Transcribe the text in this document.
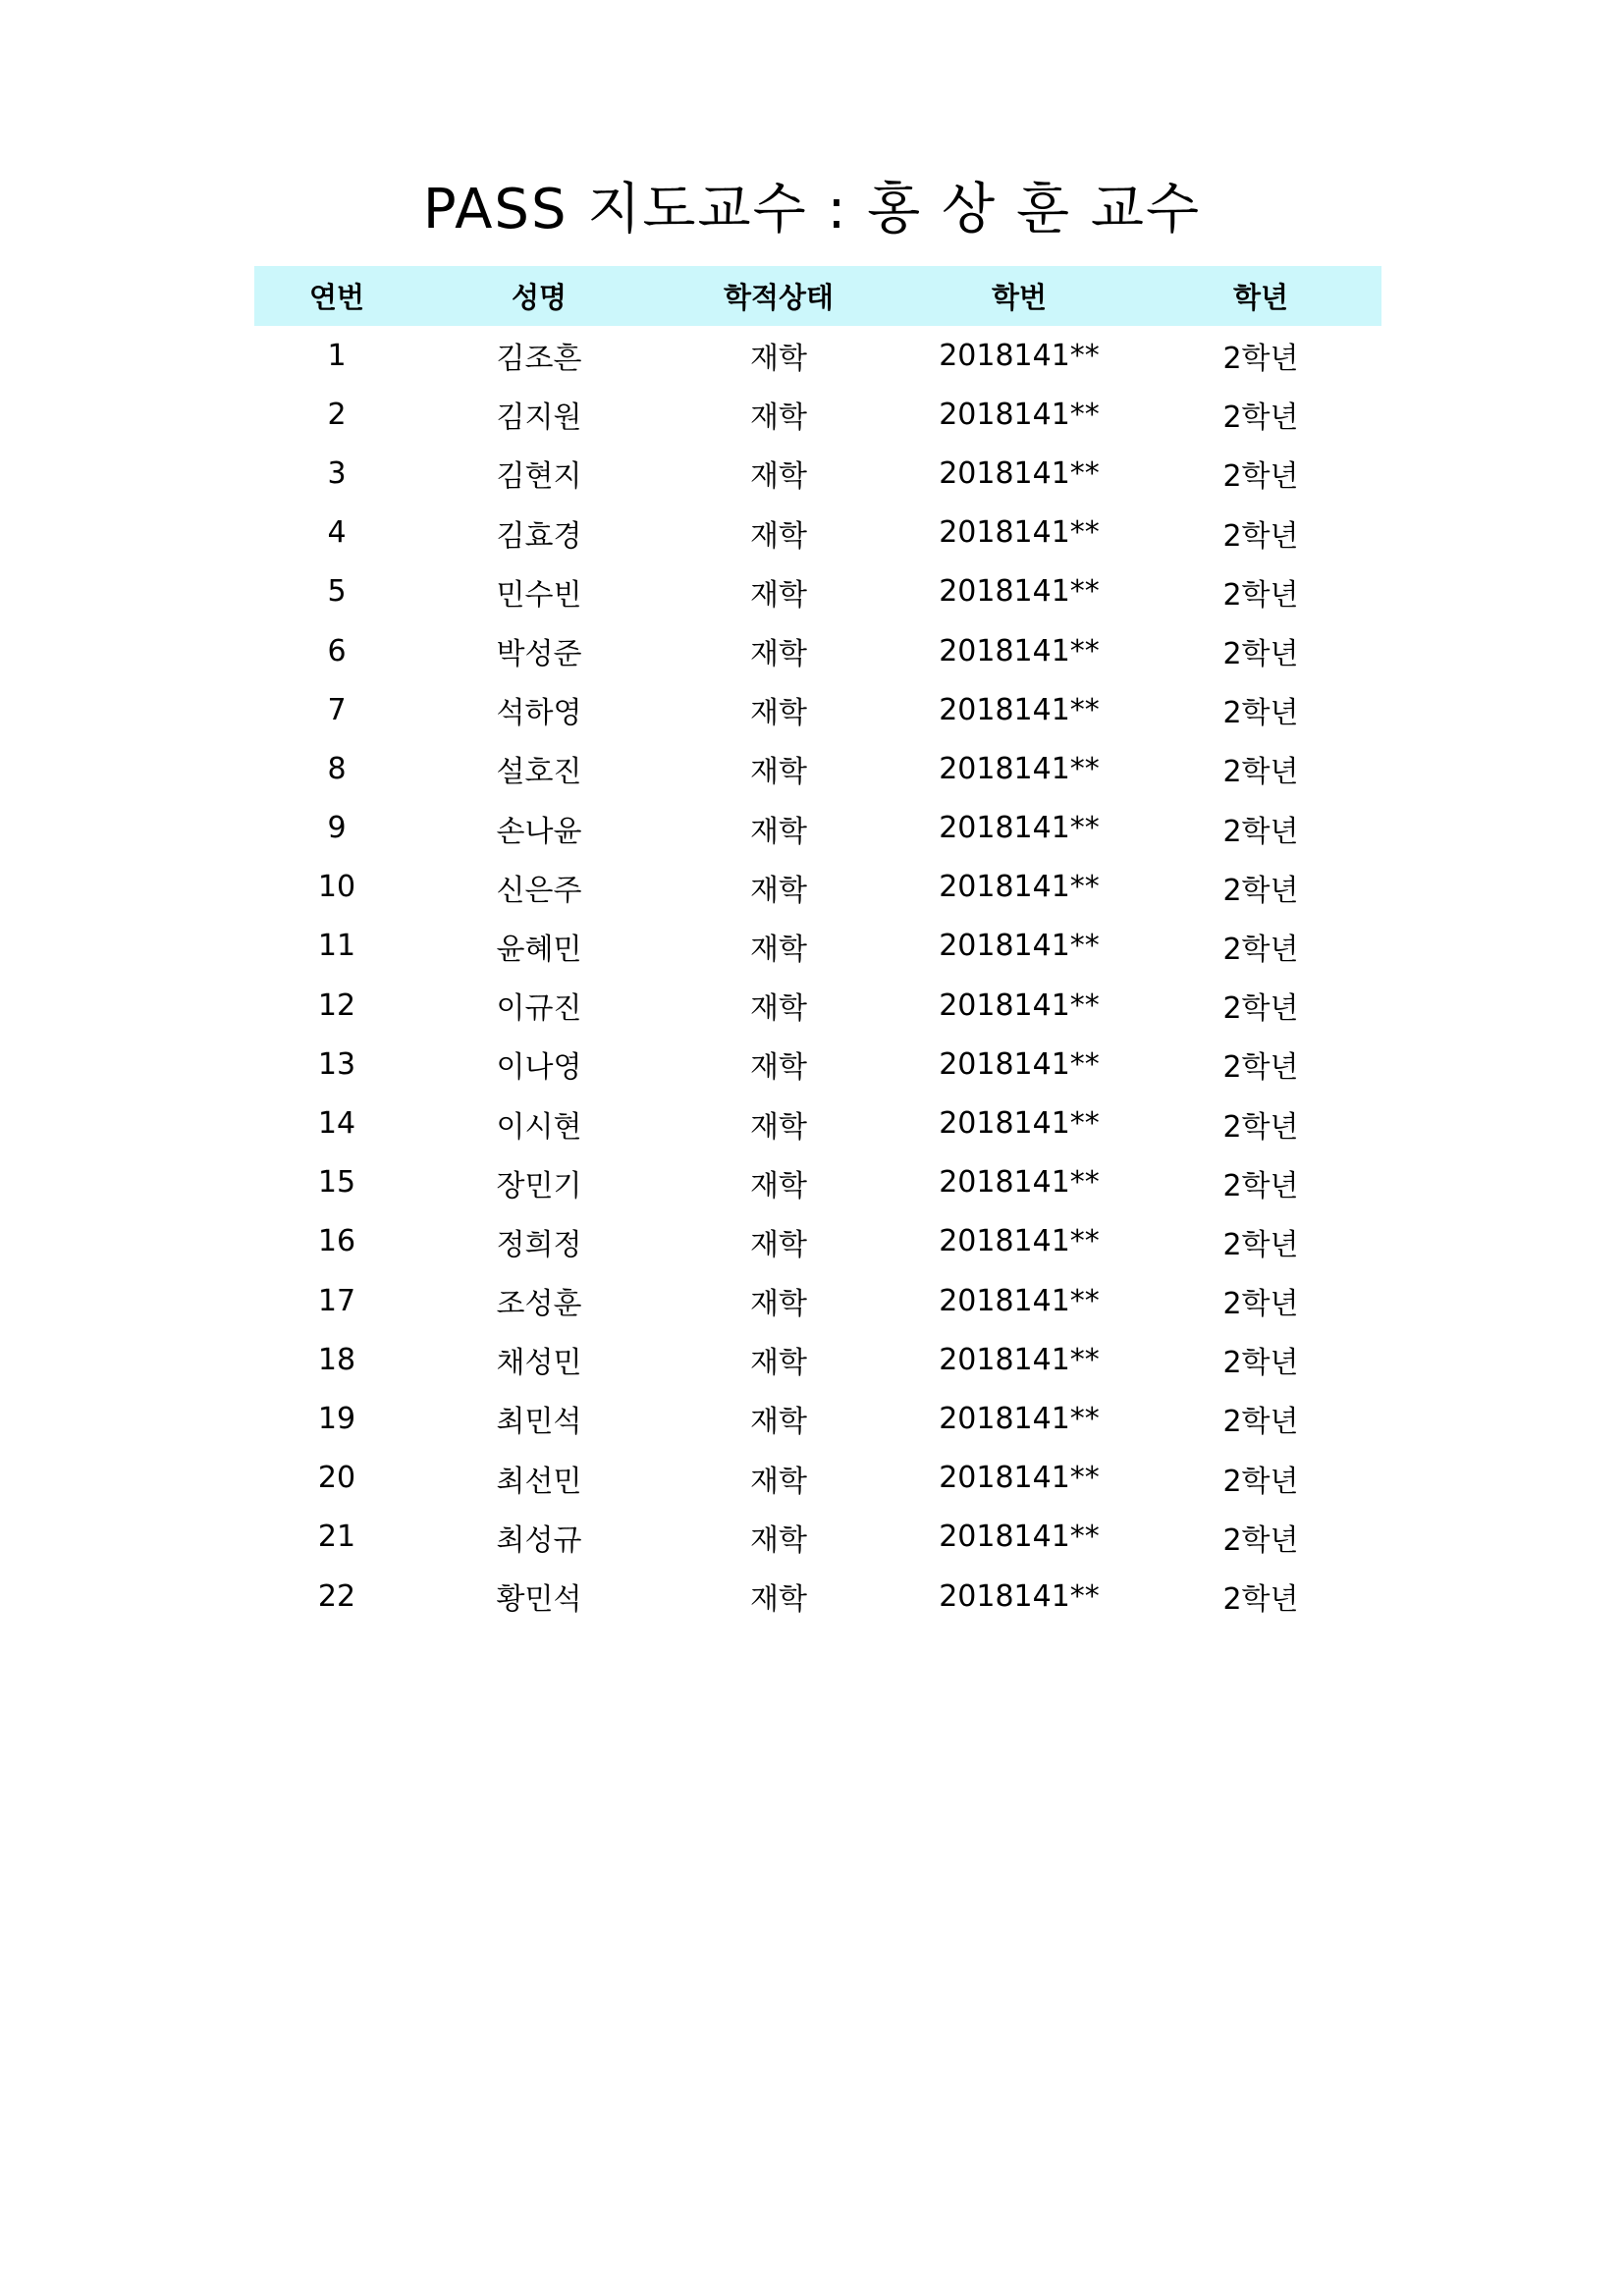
PASS 지도교수 : 홍 상 훈 교수
연번	성명	학적상태	학번	학년
1	김조흔	재학	2018141**	2학년
2	김지원	재학	2018141**	2학년
3	김현지	재학	2018141**	2학년
4	김효경	재학	2018141**	2학년
5	민수빈	재학	2018141**	2학년
6	박성준	재학	2018141**	2학년
7	석하영	재학	2018141**	2학년
8	설호진	재학	2018141**	2학년
9	손나윤	재학	2018141**	2학년
10	신은주	재학	2018141**	2학년
11	윤혜민	재학	2018141**	2학년
12	이규진	재학	2018141**	2학년
13	이나영	재학	2018141**	2학년
14	이시현	재학	2018141**	2학년
15	장민기	재학	2018141**	2학년
16	정희정	재학	2018141**	2학년
17	조성훈	재학	2018141**	2학년
18	채성민	재학	2018141**	2학년
19	최민석	재학	2018141**	2학년
20	최선민	재학	2018141**	2학년
21	최성규	재학	2018141**	2학년
22	황민석	재학	2018141**	2학년
